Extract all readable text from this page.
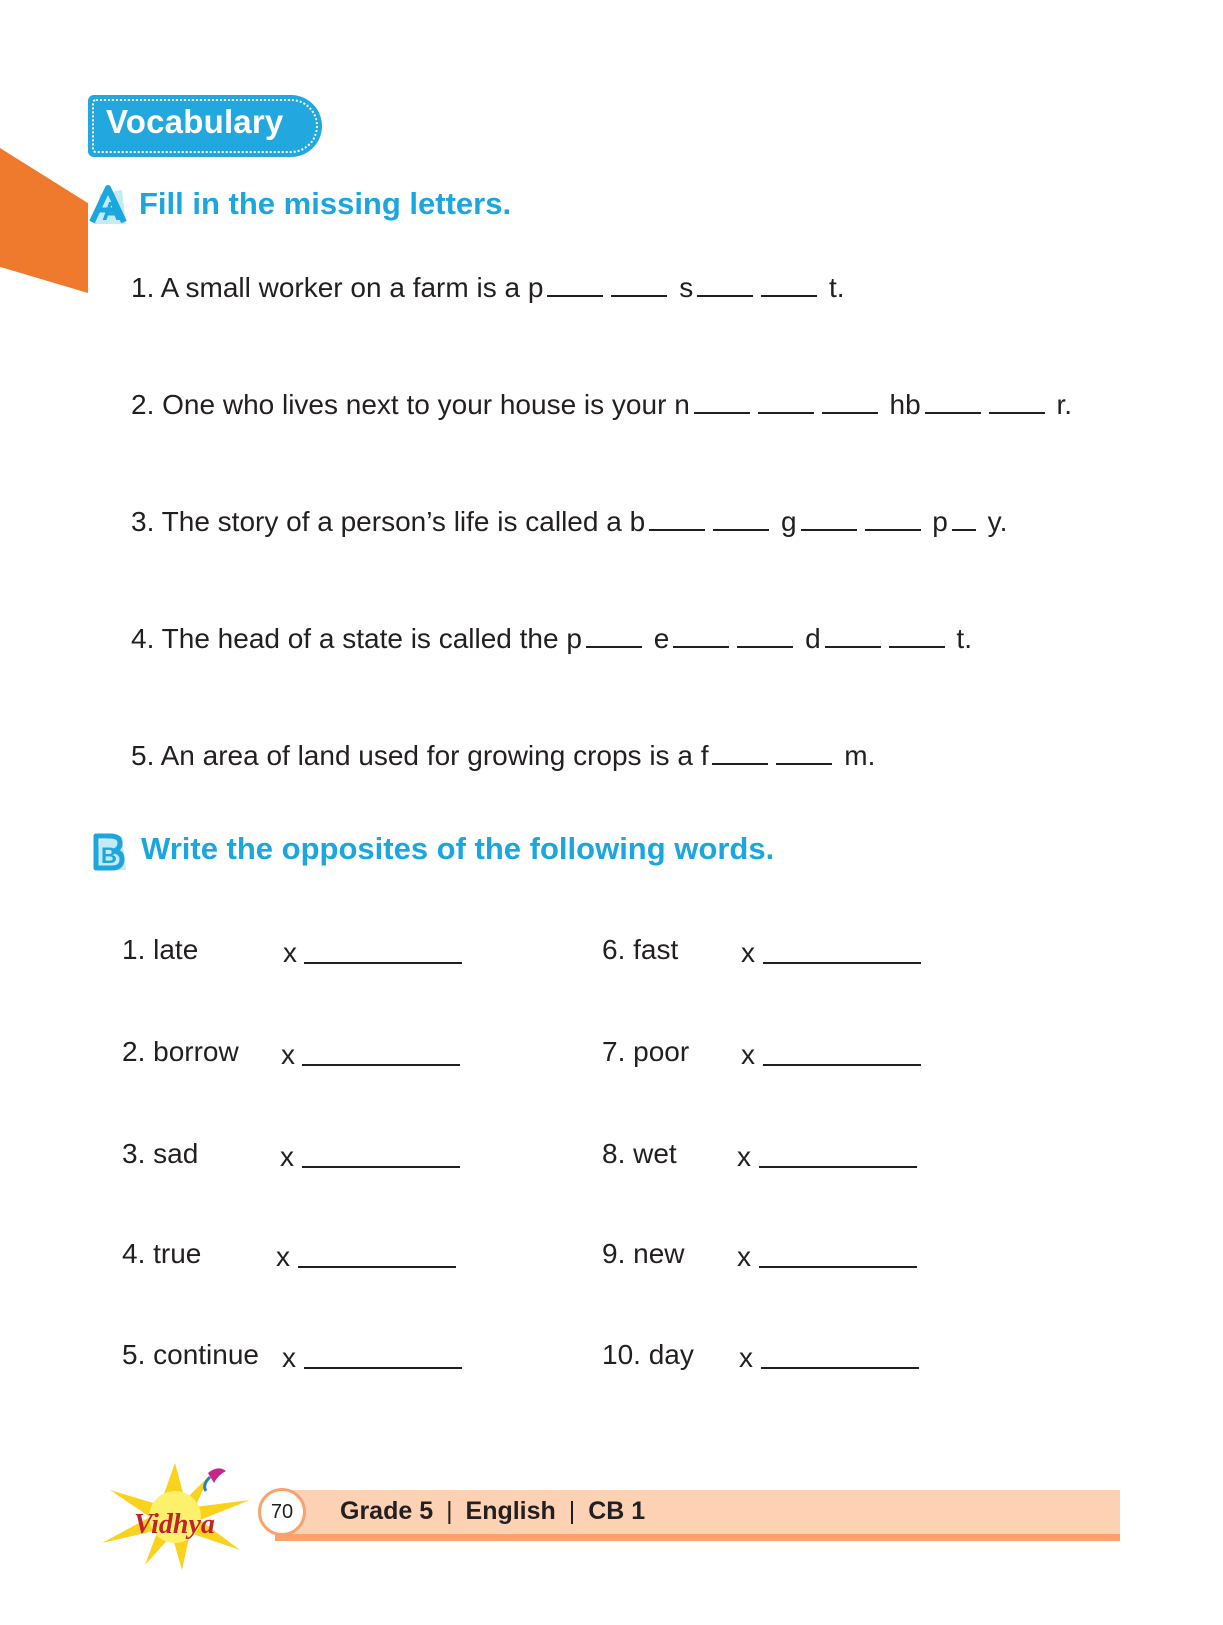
Vocabulary
A Fill in the missing letters.
1. A small worker on a farm is a p	s	t.
2. One who lives next to your house is your n	hb	r.
3. The story of a person’s life is called a b	g	p y.
4. The head of a state is called the p	e	d	t.
5. An area of land used for growing crops is a f	m.
B Write the opposites of the following words.
1. late	x
2. borrow x
3. sad	x
4. true	x
5. continue x
6. fast x
7. poor x
8. wet x
9. new x
10. day x
Vidhya	70	Grade 5 | English | CB 1
